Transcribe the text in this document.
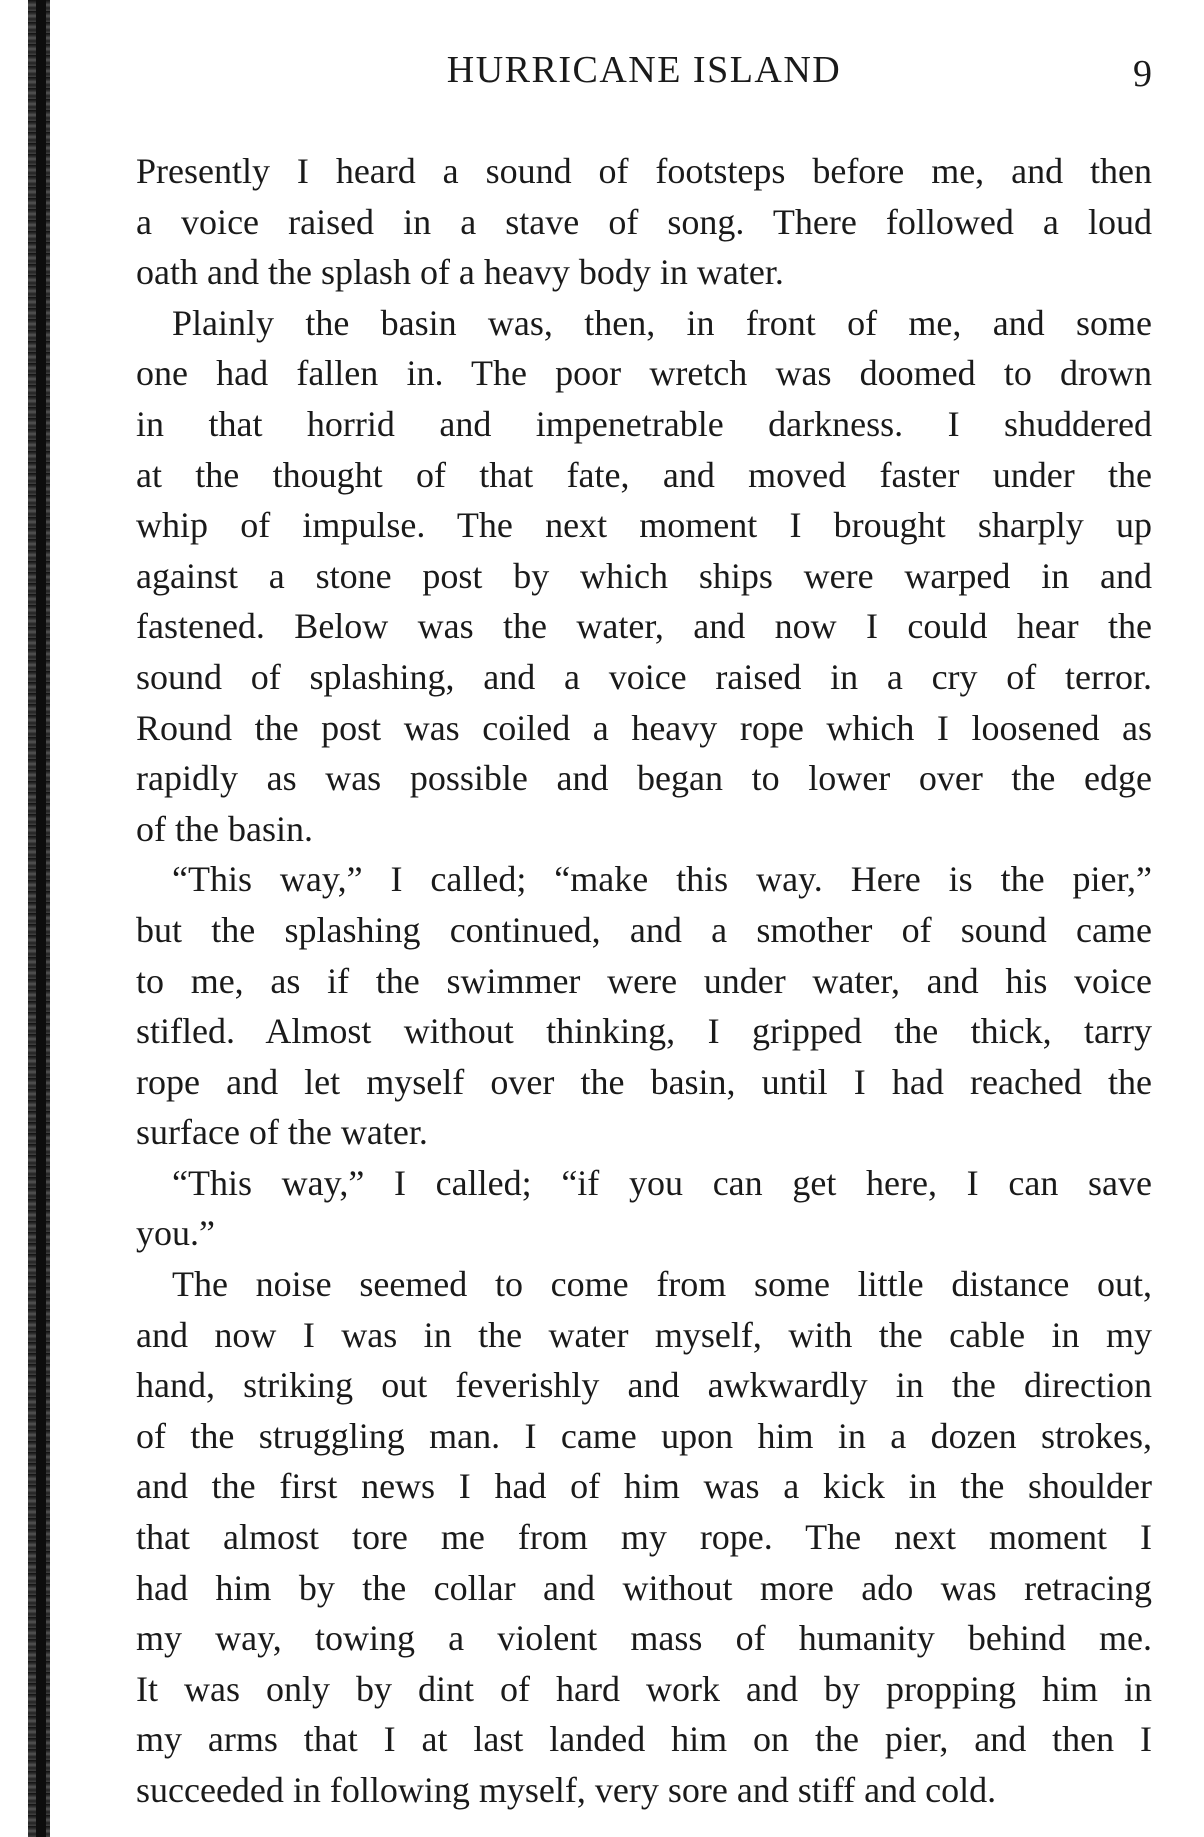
HURRICANE ISLAND	9
Presently I heard a sound of footsteps before me, and then
a voice raised in a stave of song. There followed a loud
oath and the splash of a heavy body in water.
Plainly the basin was, then, in front of me, and some
one had fallen in. The poor wretch was doomed to drown
in that horrid and impenetrable darkness. I shuddered
at the thought of that fate, and moved faster under the
whip of impulse. The next moment I brought sharply up
against a stone post by which ships were warped in and
fastened. Below was the water, and now I could hear the
sound of splashing, and a voice raised in a cry of terror.
Round the post was coiled a heavy rope which I loosened as
rapidly as was possible and began to lower over the edge
of the basin.
“This way,” I called; “make this way. Here is the pier,”
but the splashing continued, and a smother of sound came
to me, as if the swimmer were under water, and his voice
stifled. Almost without thinking, I gripped the thick, tarry
rope and let myself over the basin, until I had reached the
surface of the water.
“This way,” I called; “if you can get here, I can save
you.”
The noise seemed to come from some little distance out,
and now I was in the water myself, with the cable in my
hand, striking out feverishly and awkwardly in the direction
of the struggling man. I came upon him in a dozen strokes,
and the first news I had of him was a kick in the shoulder
that almost tore me from my rope. The next moment I
had him by the collar and without more ado was retracing
my way, towing a violent mass of humanity behind me.
It was only by dint of hard work and by propping him in
my arms that I at last landed him on the pier, and then I
succeeded in following myself, very sore and stiff and cold.
